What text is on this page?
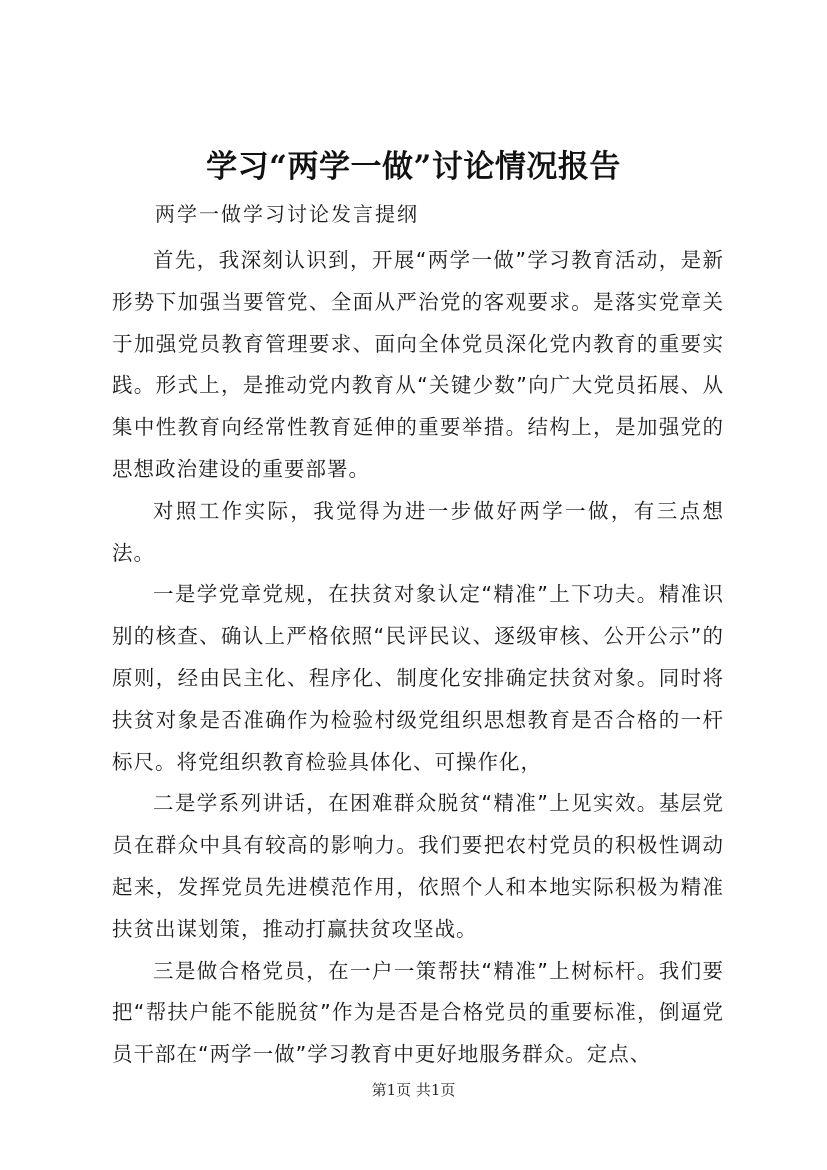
学习“两学一做”讨论情况报告
两学一做学习讨论发言提纲

首先，我深刻认识到，开展“两学一做”学习教育活动，是新形势下加强当要管党、全面从严治党的客观要求。是落实党章关于加强党员教育管理要求、面向全体党员深化党内教育的重要实践。形式上，是推动党内教育从“关键少数”向广大党员拓展、从集中性教育向经常性教育延伸的重要举措。结构上，是加强党的思想政治建设的重要部署。

对照工作实际，我觉得为进一步做好两学一做，有三点想法。

一是学党章党规，在扶贫对象认定“精准”上下功夫。精准识别的核查、确认上严格依照“民评民议、逐级审核、公开公示”的原则，经由民主化、程序化、制度化安排确定扶贫对象。同时将扶贫对象是否准确作为检验村级党组织思想教育是否合格的一杆标尺。将党组织教育检验具体化、可操作化，

二是学系列讲话，在困难群众脱贫“精准”上见实效。基层党员在群众中具有较高的影响力。我们要把农村党员的积极性调动起来，发挥党员先进模范作用，依照个人和本地实际积极为精准扶贫出谋划策，推动打赢扶贫攻坚战。

三是做合格党员，在一户一策帮扶“精准”上树标杆。我们要把“帮扶户能不能脱贫”作为是否是合格党员的重要标准，倒逼党员干部在“两学一做”学习教育中更好地服务群众。定点、

第1页 共1页
